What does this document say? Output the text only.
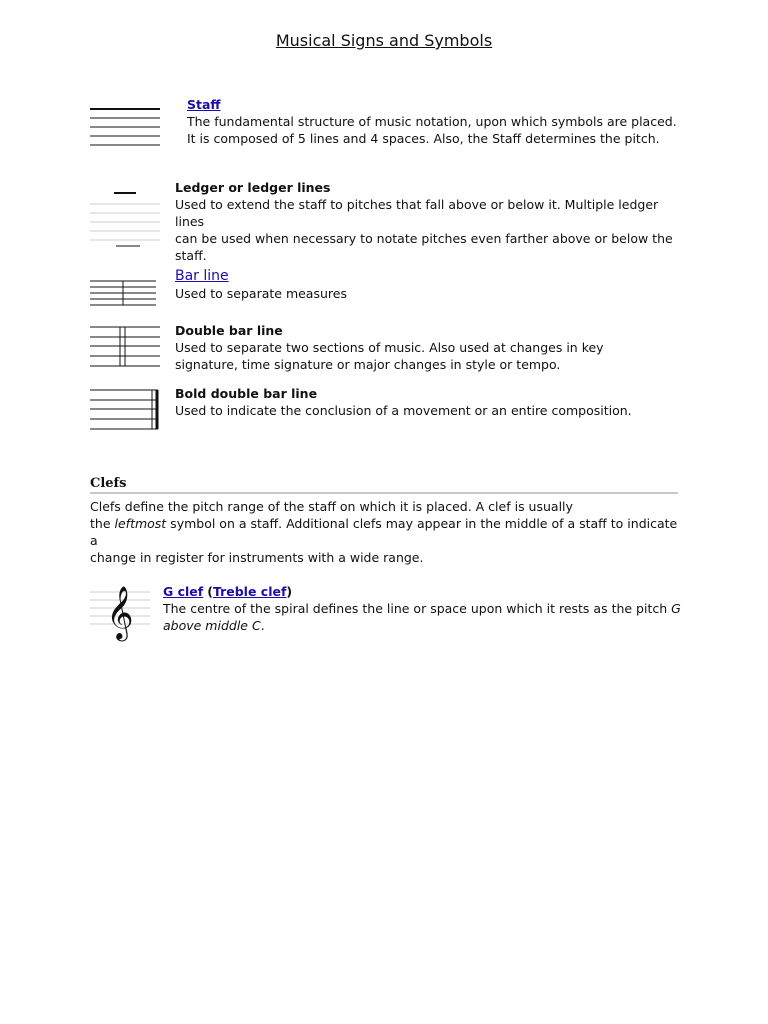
Musical Signs and Symbols
Staff
The fundamental structure of music notation, upon which symbols are placed.
It is composed of 5 lines and 4 spaces. Also, the Staff determines the pitch.
Ledger or ledger lines
Used to extend the staff to pitches that fall above or below it. Multiple ledger lines
can be used when necessary to notate pitches even farther above or below the
staff.
Bar line
Used to separate measures
Double bar line
Used to separate two sections of music. Also used at changes in key
signature, time signature or major changes in style or tempo.
Bold double bar line
Used to indicate the conclusion of a movement or an entire composition.
Clefs
Clefs define the pitch range of the staff on which it is placed. A clef is usually
the leftmost symbol on a staff. Additional clefs may appear in the middle of a staff to indicate a
change in register for instruments with a wide range.
𝄞 G clef (Treble clef)
The centre of the spiral defines the line or space upon which it rests as the pitch G
above middle C.
